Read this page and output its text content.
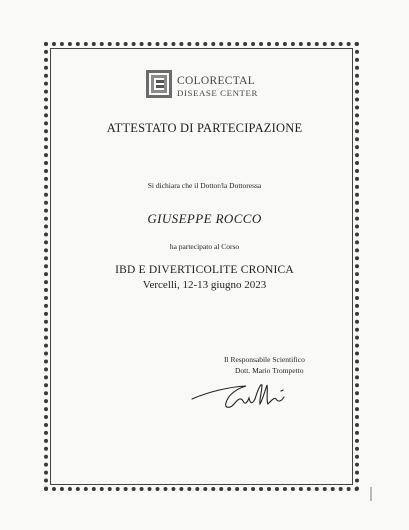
COLORECTAL
DISEASE CENTER
ATTESTATO DI PARTECIPAZIONE
Si dichiara che il Dottor/la Dottoressa
GIUSEPPE ROCCO
ha partecipato al Corso
IBD E DIVERTICOLITE CRONICA
Vercelli, 12-13 giugno 2023
Il Responsabile Scientifico
Dott. Mario Trompetto
